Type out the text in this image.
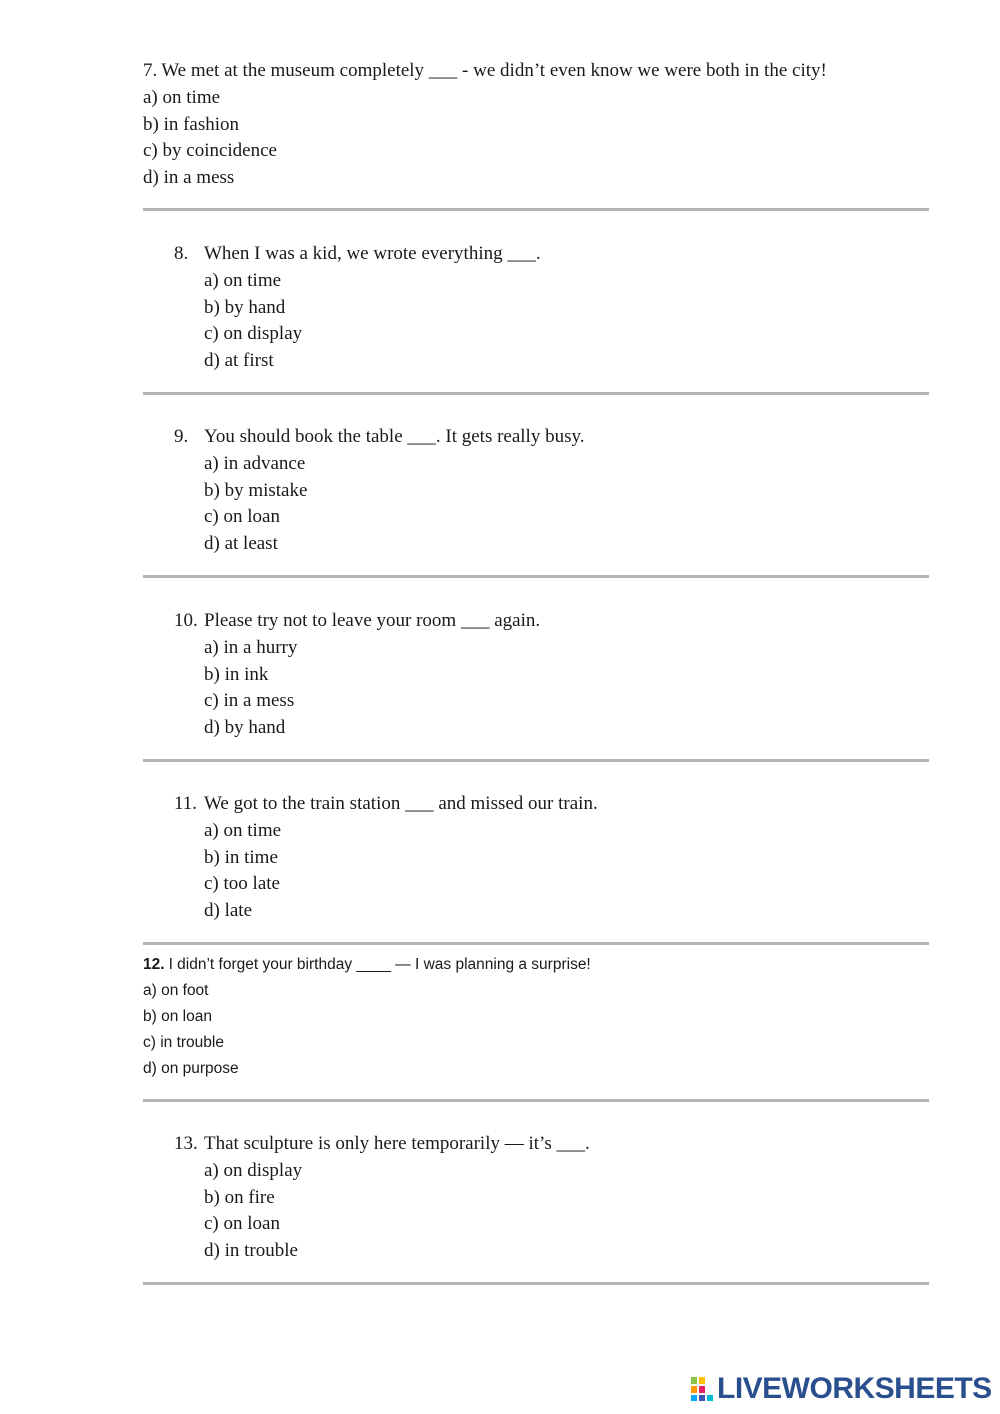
7. We met at the museum completely ___ - we didn’t even know we were both in the city!
a) on time
b) in fashion
c) by coincidence
d) in a mess
8. When I was a kid, we wrote everything ___.
a) on time
b) by hand
c) on display
d) at first
9. You should book the table ___. It gets really busy.
a) in advance
b) by mistake
c) on loan
d) at least
10. Please try not to leave your room ___ again.
a) in a hurry
b) in ink
c) in a mess
d) by hand
11. We got to the train station ___ and missed our train.
a) on time
b) in time
c) too late
d) late
12. I didn’t forget your birthday ____ — I was planning a surprise!
a) on foot
b) on loan
c) in trouble
d) on purpose
13. That sculpture is only here temporarily — it’s ___.
a) on display
b) on fire
c) on loan
d) in trouble
LIVEWORKSHEETS
